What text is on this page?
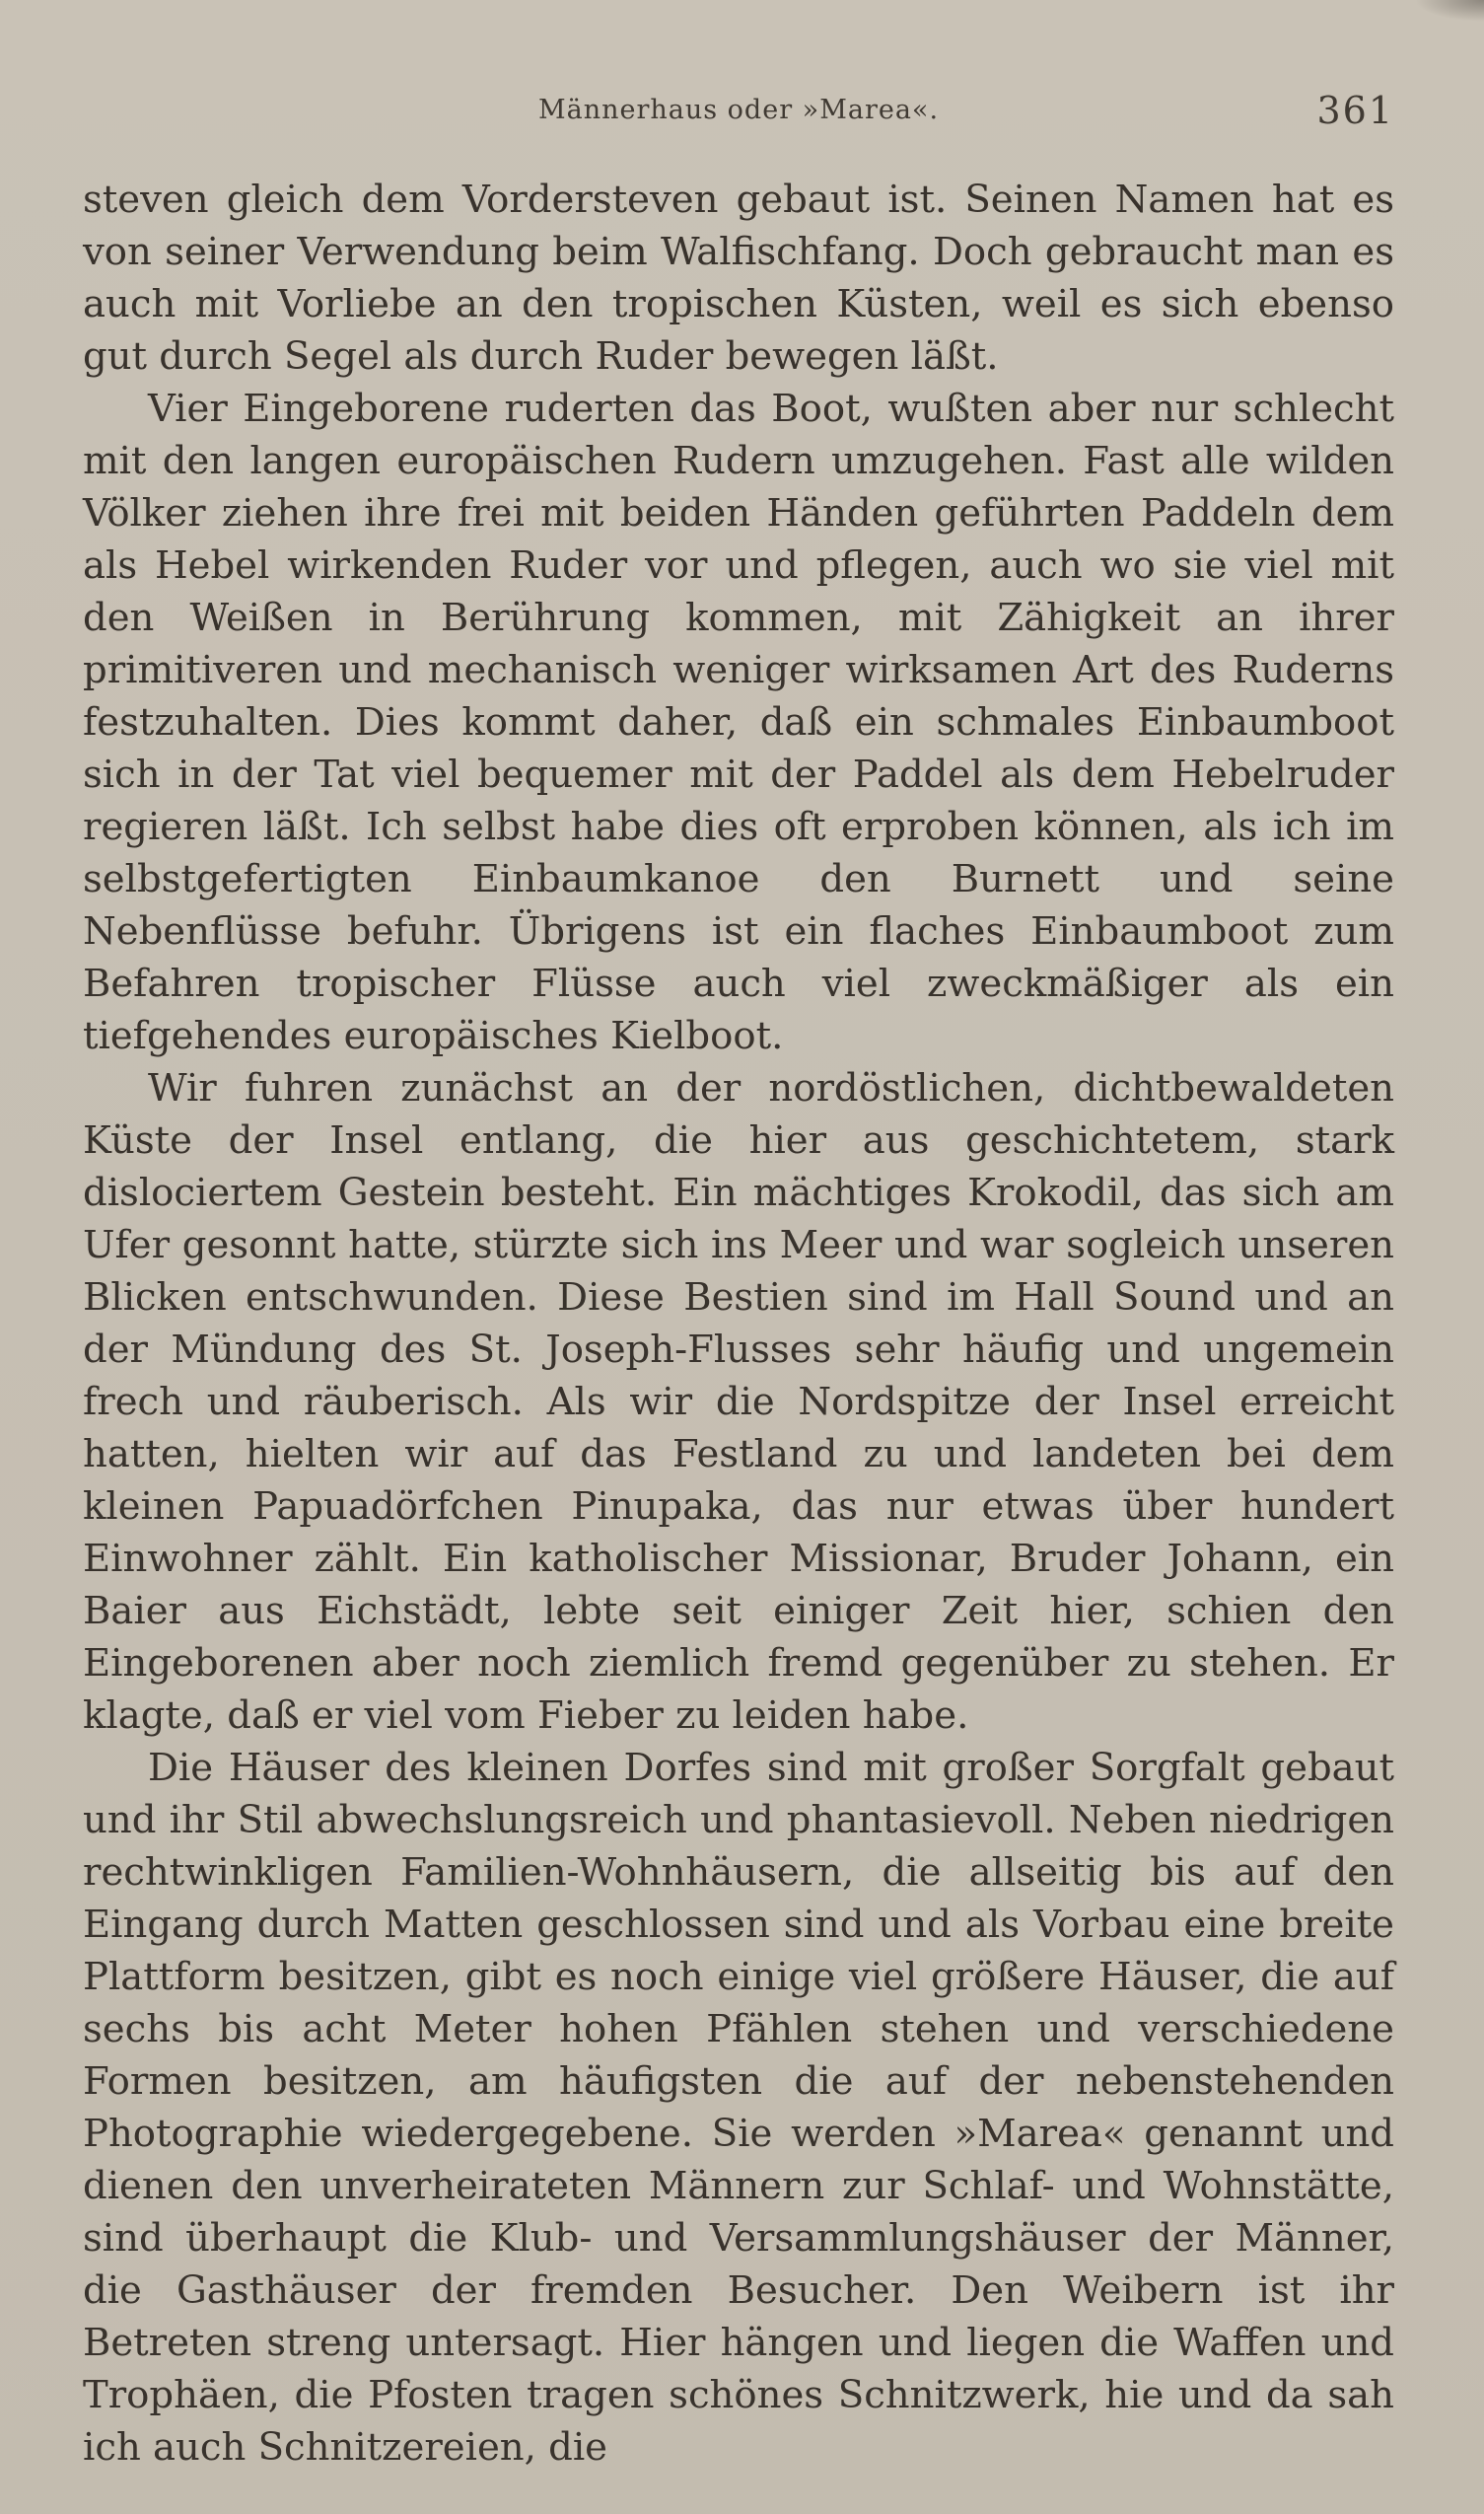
Männerhaus oder »Marea«.	361

steven gleich dem Vordersteven gebaut ist. Seinen Namen hat es von seiner Verwendung beim Walfischfang. Doch gebraucht man es auch mit Vorliebe an den tropischen Küsten, weil es sich ebenso gut durch Segel als durch Ruder bewegen läßt.

Vier Eingeborene ruderten das Boot, wußten aber nur schlecht mit den langen europäischen Rudern umzugehen. Fast alle wilden Völker ziehen ihre frei mit beiden Händen geführten Paddeln dem als Hebel wirkenden Ruder vor und pflegen, auch wo sie viel mit den Weißen in Berührung kommen, mit Zähigkeit an ihrer primitiveren und mechanisch weniger wirksamen Art des Ruderns festzuhalten. Dies kommt daher, daß ein schmales Einbaumboot sich in der Tat viel bequemer mit der Paddel als dem Hebelruder regieren läßt. Ich selbst habe dies oft erproben können, als ich im selbstgefertigten Einbaumkanoe den Burnett und seine Nebenflüsse befuhr. Übrigens ist ein flaches Einbaumboot zum Befahren tropischer Flüsse auch viel zweckmäßiger als ein tiefgehendes europäisches Kielboot.

Wir fuhren zunächst an der nordöstlichen, dichtbewaldeten Küste der Insel entlang, die hier aus geschichtetem, stark dislociertem Gestein besteht. Ein mächtiges Krokodil, das sich am Ufer gesonnt hatte, stürzte sich ins Meer und war sogleich unseren Blicken entschwunden. Diese Bestien sind im Hall Sound und an der Mündung des St. Joseph-Flusses sehr häufig und ungemein frech und räuberisch. Als wir die Nordspitze der Insel erreicht hatten, hielten wir auf das Festland zu und landeten bei dem kleinen Papuadörfchen Pinupaka, das nur etwas über hundert Einwohner zählt. Ein katholischer Missionar, Bruder Johann, ein Baier aus Eichstädt, lebte seit einiger Zeit hier, schien den Eingeborenen aber noch ziemlich fremd gegenüber zu stehen. Er klagte, daß er viel vom Fieber zu leiden habe.

Die Häuser des kleinen Dorfes sind mit großer Sorgfalt gebaut und ihr Stil abwechslungsreich und phantasievoll. Neben niedrigen rechtwinkligen Familien-Wohnhäusern, die allseitig bis auf den Eingang durch Matten geschlossen sind und als Vorbau eine breite Plattform besitzen, gibt es noch einige viel größere Häuser, die auf sechs bis acht Meter hohen Pfählen stehen und verschiedene Formen besitzen, am häufigsten die auf der nebenstehenden Photographie wiedergegebene. Sie werden »Marea« genannt und dienen den unverheirateten Männern zur Schlaf- und Wohnstätte, sind überhaupt die Klub- und Versammlungshäuser der Männer, die Gasthäuser der fremden Besucher. Den Weibern ist ihr Betreten streng untersagt. Hier hängen und liegen die Waffen und Trophäen, die Pfosten tragen schönes Schnitzwerk, hie und da sah ich auch Schnitzereien, die
